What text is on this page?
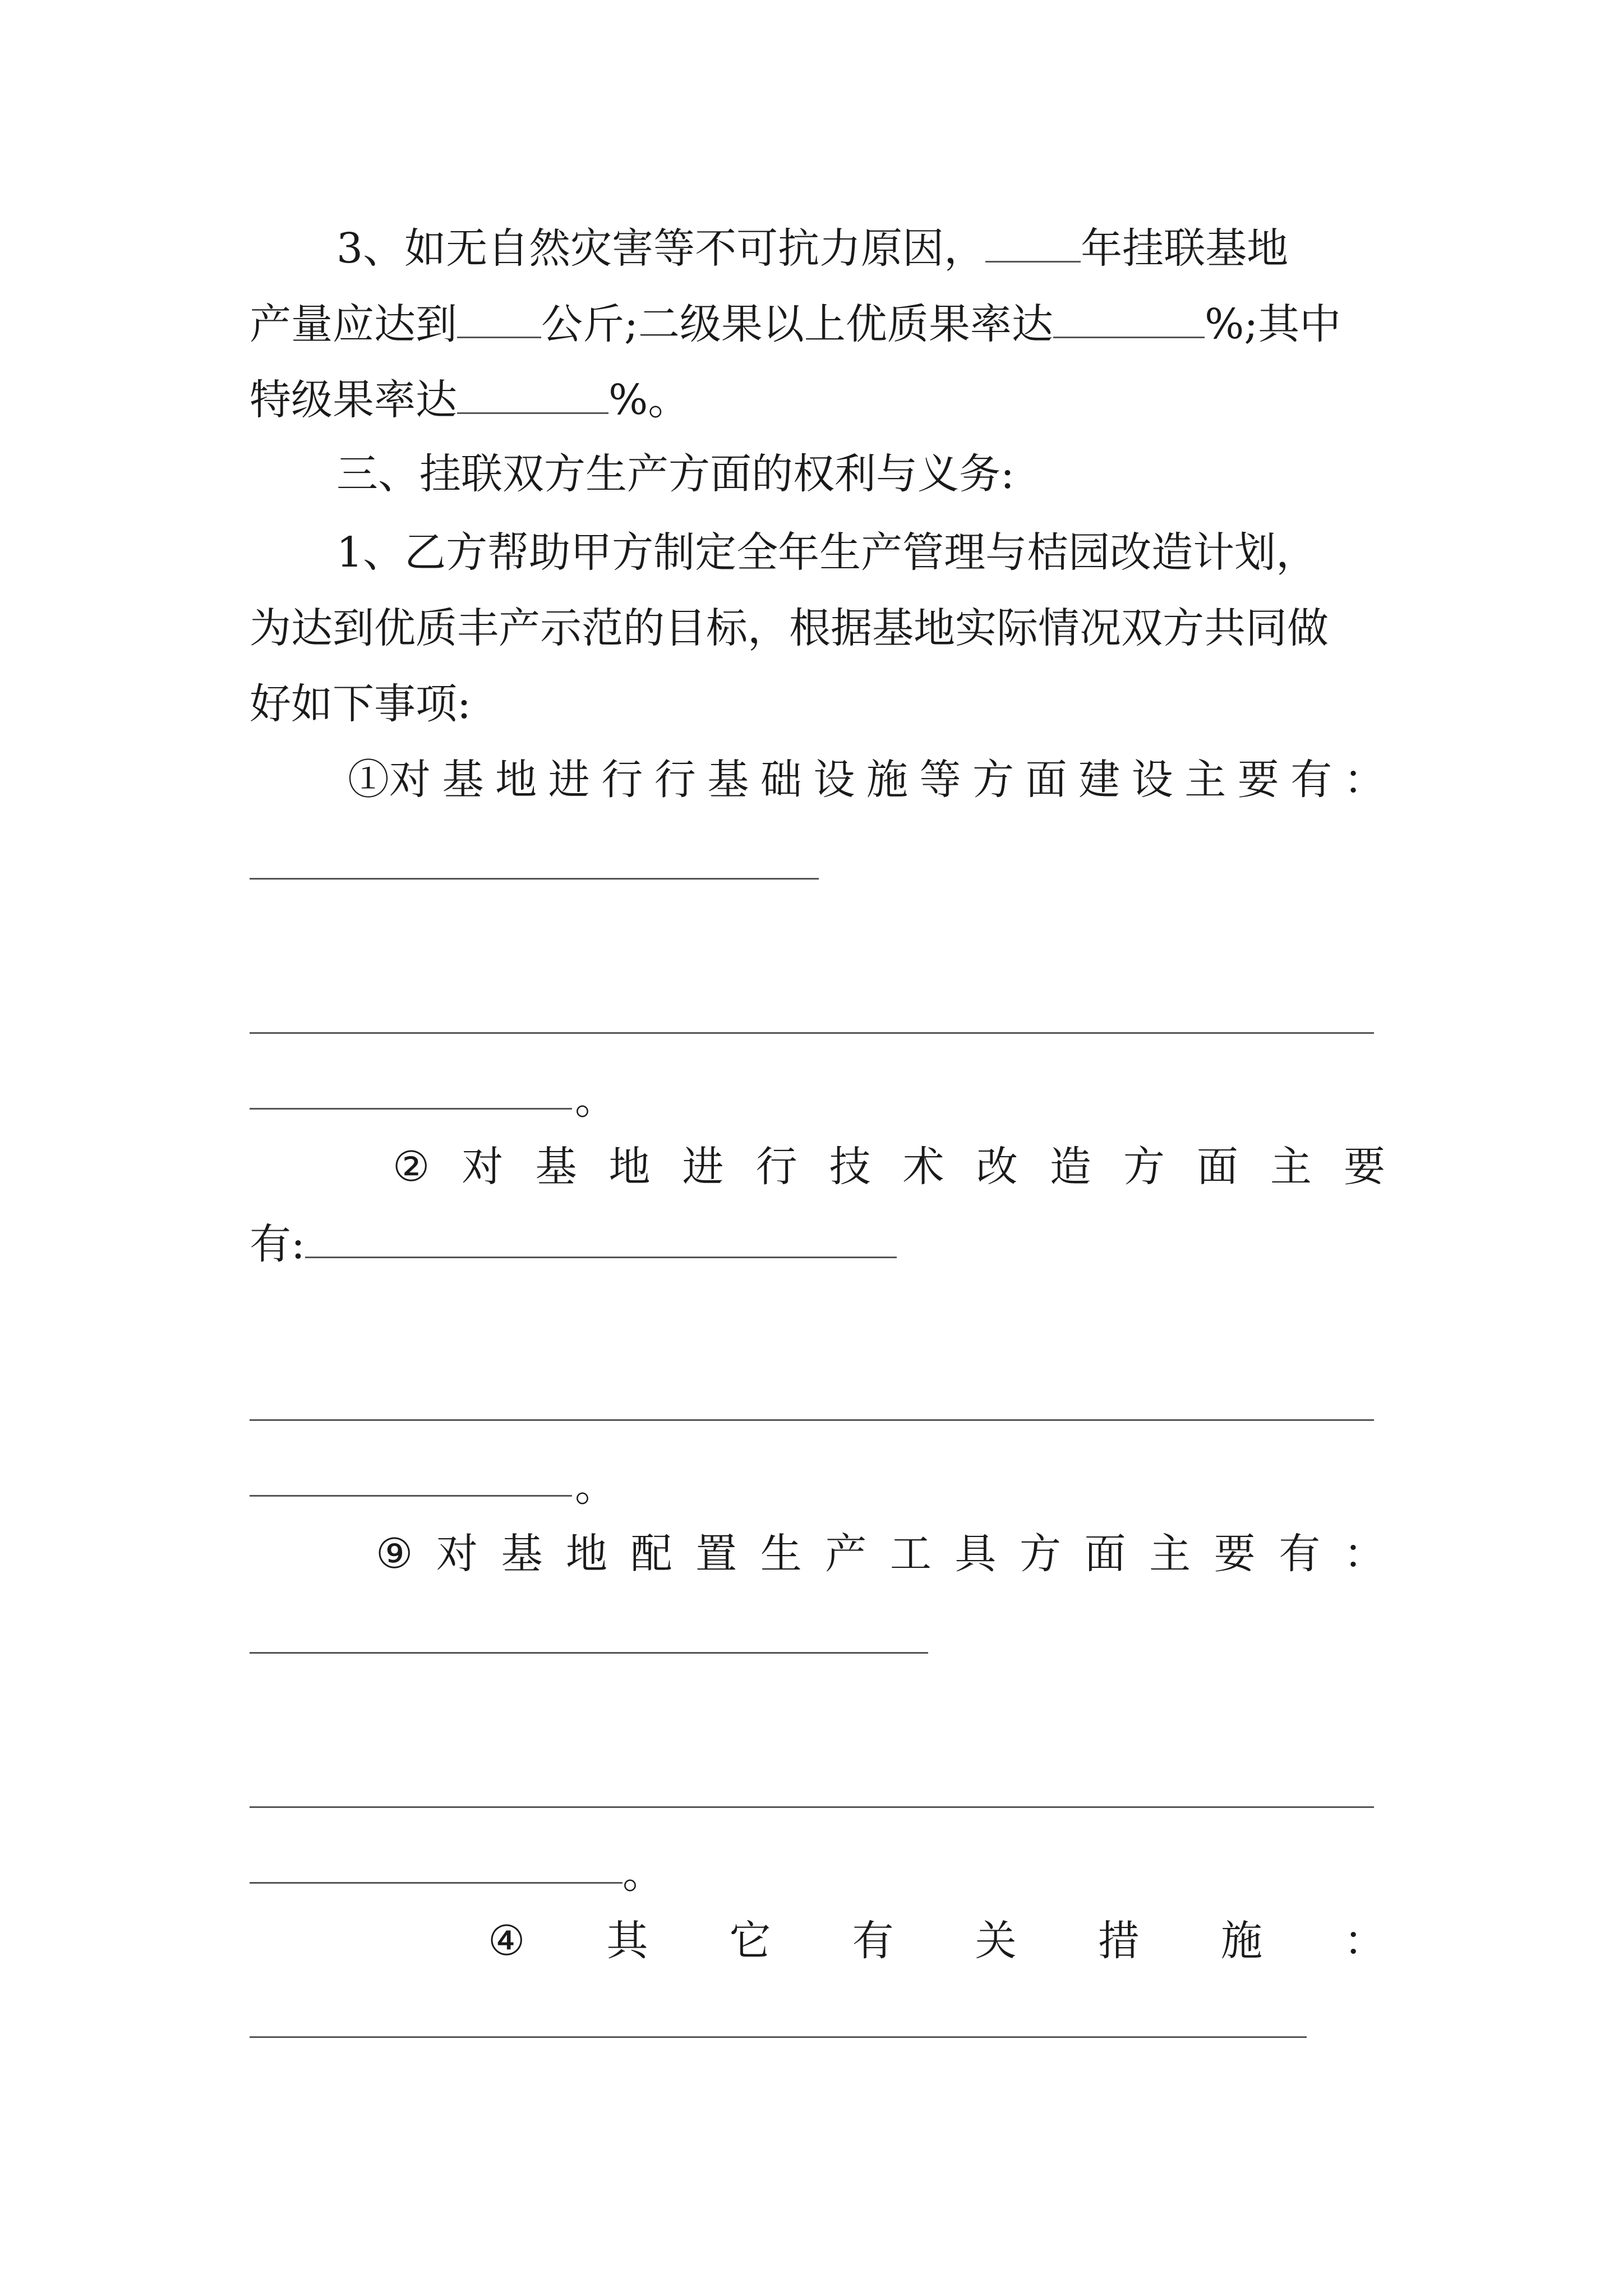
3、如无自然灾害等不可抗力原因， 年挂联基地
产量应达到 公斤;二级果以上优质果率达	%;其中
特级果率达	%。
三、挂联双方生产方面的权利与义务:
1、乙方帮助甲方制定全年生产管理与桔园改造计划，
为达到优质丰产示范的目标，根据基地实际情况双方共同做
好如下事项:
①对 基 地 进 行 行 基 础 设 施 等 方 面 建 设 主 要 有 ：
。
② 对 基 地 进 行 技 术 改 造 方 面 主 要
有:
。
⑨ 对 基 地 配 置 生 产 工 具 方 面 主 要 有 ：
。
④ 其 它 有 关 措 施 ：
